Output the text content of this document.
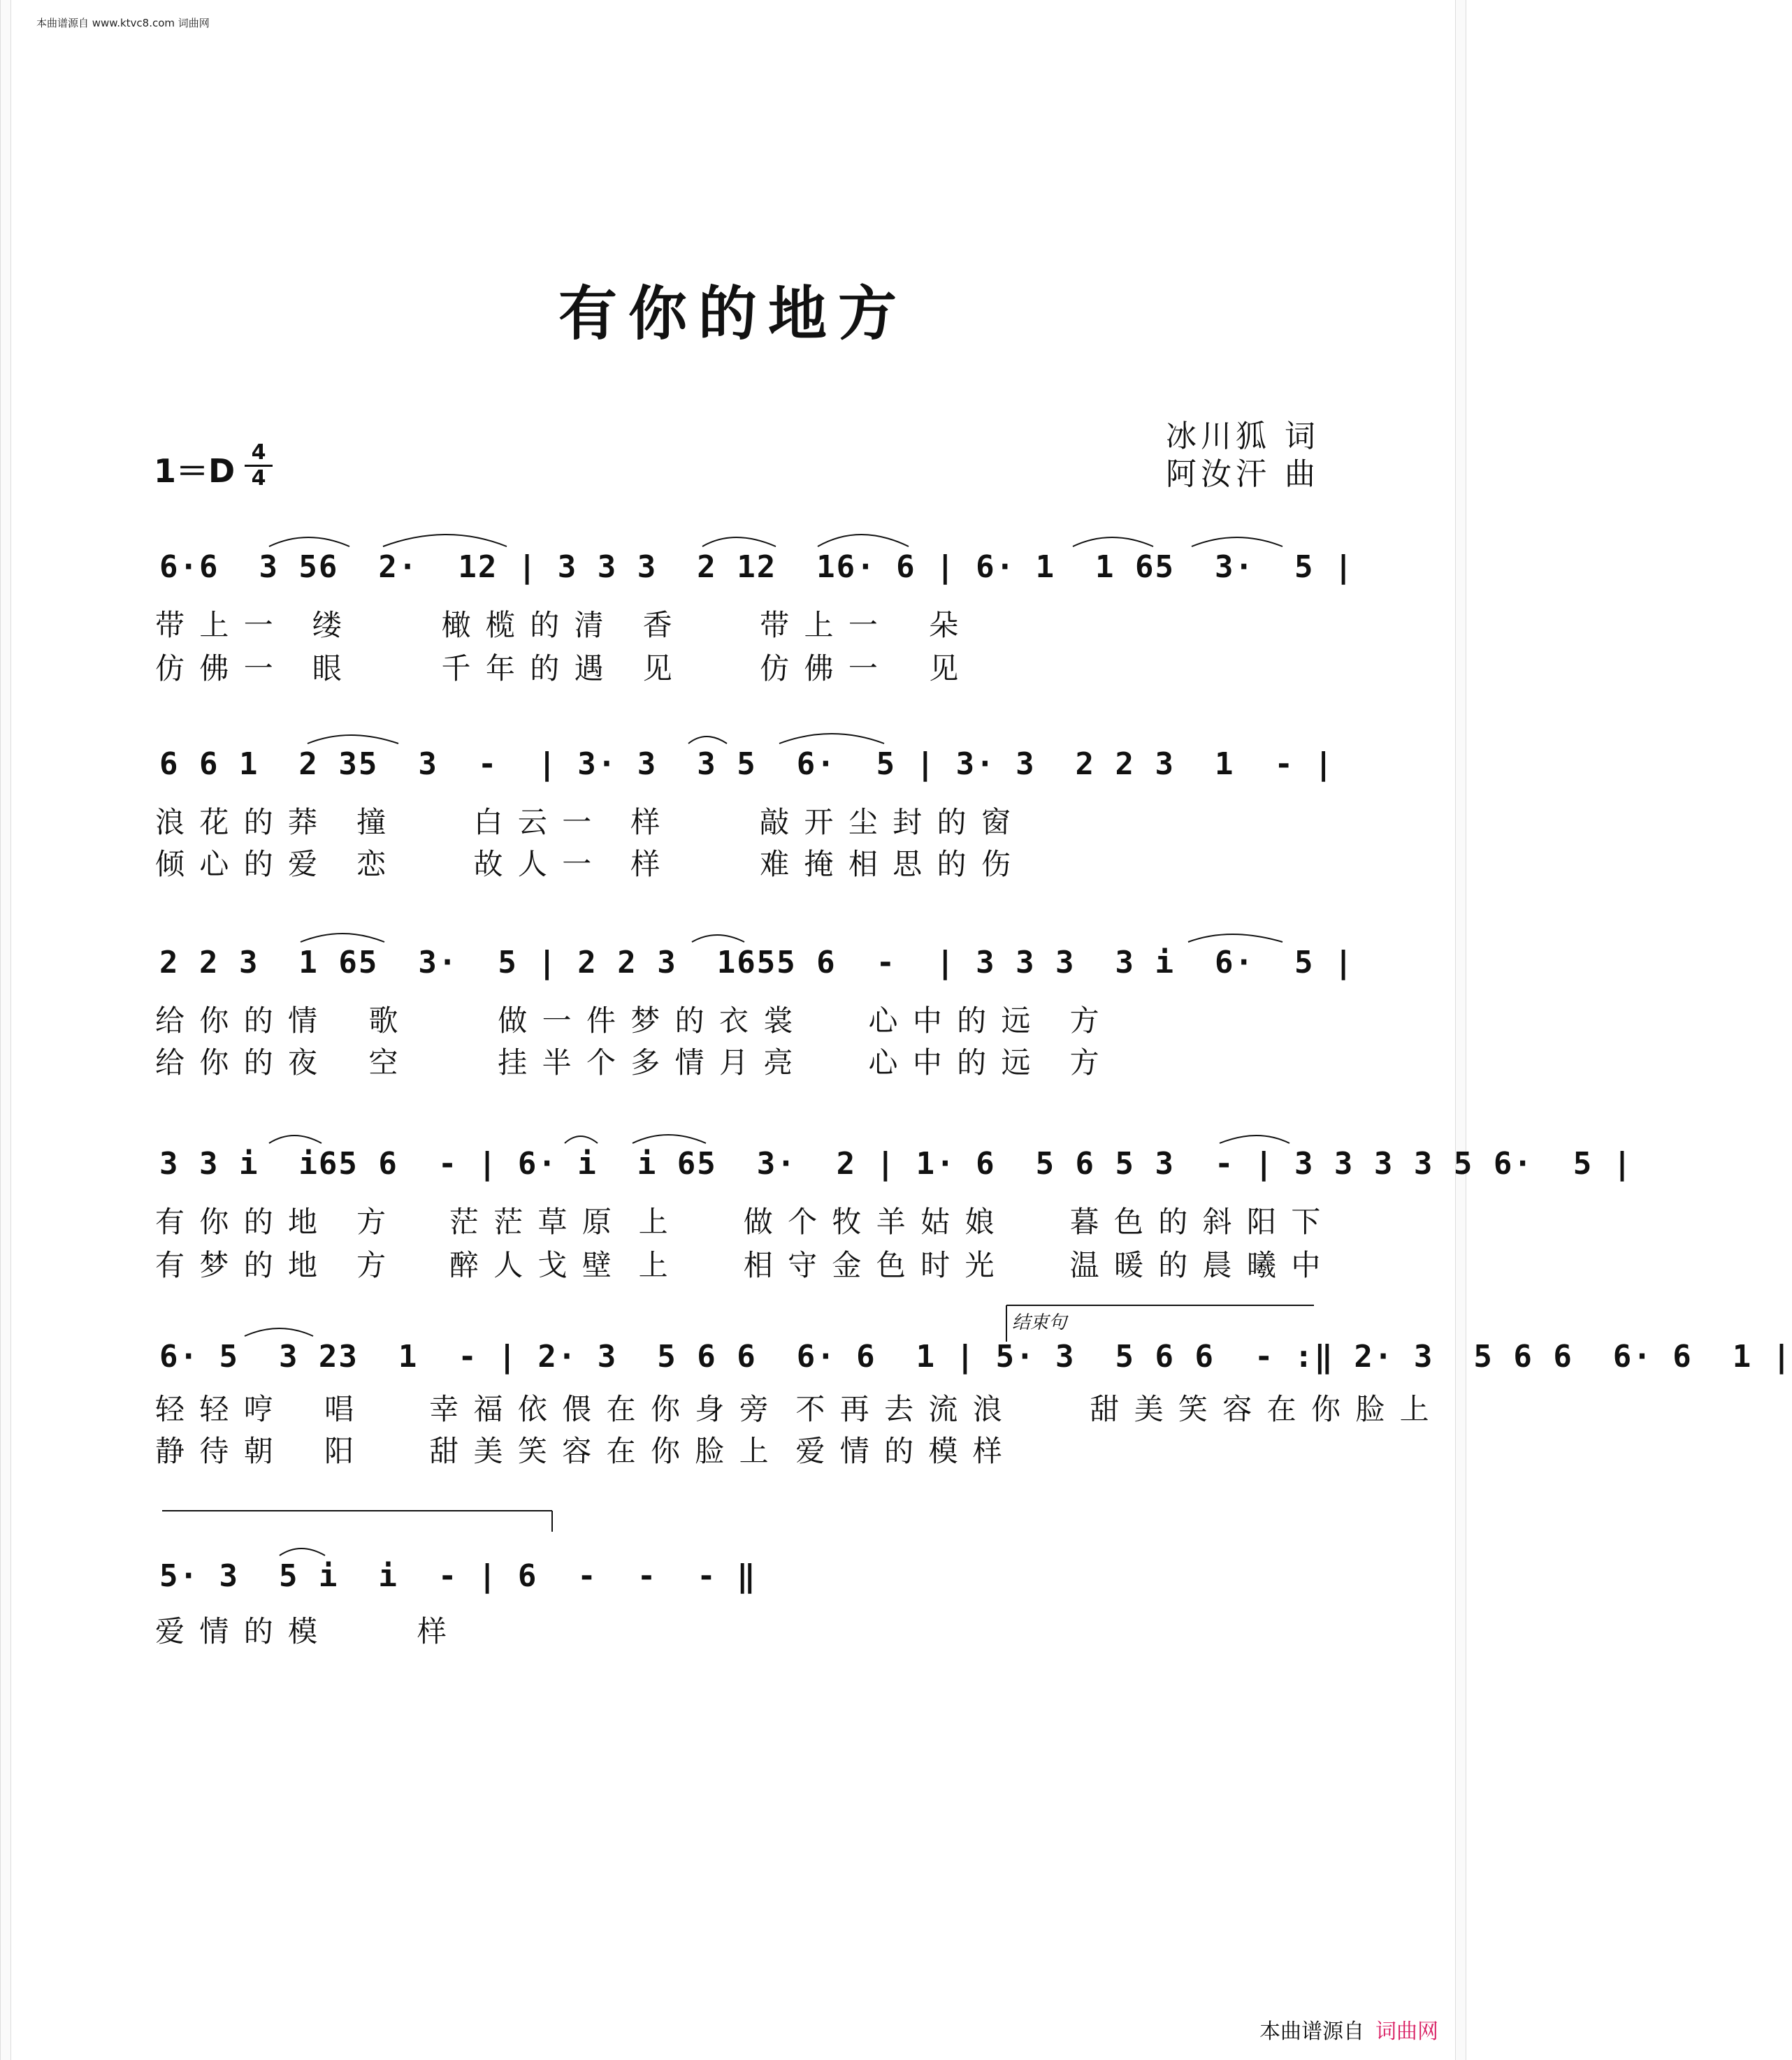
本曲谱源自 www.ktvc8.com 词曲网
有你的地方
冰川狐 词
阿汝汗 曲
1＝D 4
4
6·6  3 56  2·  12 | 3 3 3  2 12  16· 6 | 6· 1  1 65  3·  5 |
带 上 一   缕        橄 榄 的 清   香       带 上 一    朵
仿 佛 一   眼        千 年 的 遇   见       仿 佛 一    见
6 6 1  2 35  3  -  | 3· 3  3 5  6·  5 | 3· 3  2 2 3  1  - |
浪 花 的 莽   撞       白 云 一   样        敲 开 尘 封 的 窗
倾 心 的 爱   恋       故 人 一   样        难 掩 相 思 的 伤
2 2 3  1 65  3·  5 | 2 2 3  1655 6  -  | 3 3 3  3 i  6·  5 |
给 你 的 情    歌        做 一 件 梦 的 衣 裳      心 中 的 远   方
给 你 的 夜    空        挂 半 个 多 情 月 亮      心 中 的 远   方
3 3 i  i65 6  - | 6· i  i 65  3·  2 | 1· 6  5 6 5 3  - | 3 3 3 3 5 6·  5 |
有 你 的 地   方     茫 茫 草 原  上      做 个 牧 羊 姑 娘      暮 色 的 斜 阳 下
有 梦 的 地   方     醉 人 戈 壁  上      相 守 金 色 时 光      温 暖 的 晨 曦 中
结束句
6· 5  3 23  1  - | 2· 3  5 6 6  6· 6  1 | 5· 3  5 6 6  - :‖ 2· 3  5 6 6  6· 6  1 |
轻 轻 哼    唱      幸 福 依 偎 在 你 身 旁  不 再 去 流 浪       甜 美 笑 容 在 你 脸 上
静 待 朝    阳      甜 美 笑 容 在 你 脸 上  爱 情 的 模 样
5· 3  5 i  i  - | 6  -  -  - ‖
爱 情 的 模        样
本曲谱源自 词曲网
